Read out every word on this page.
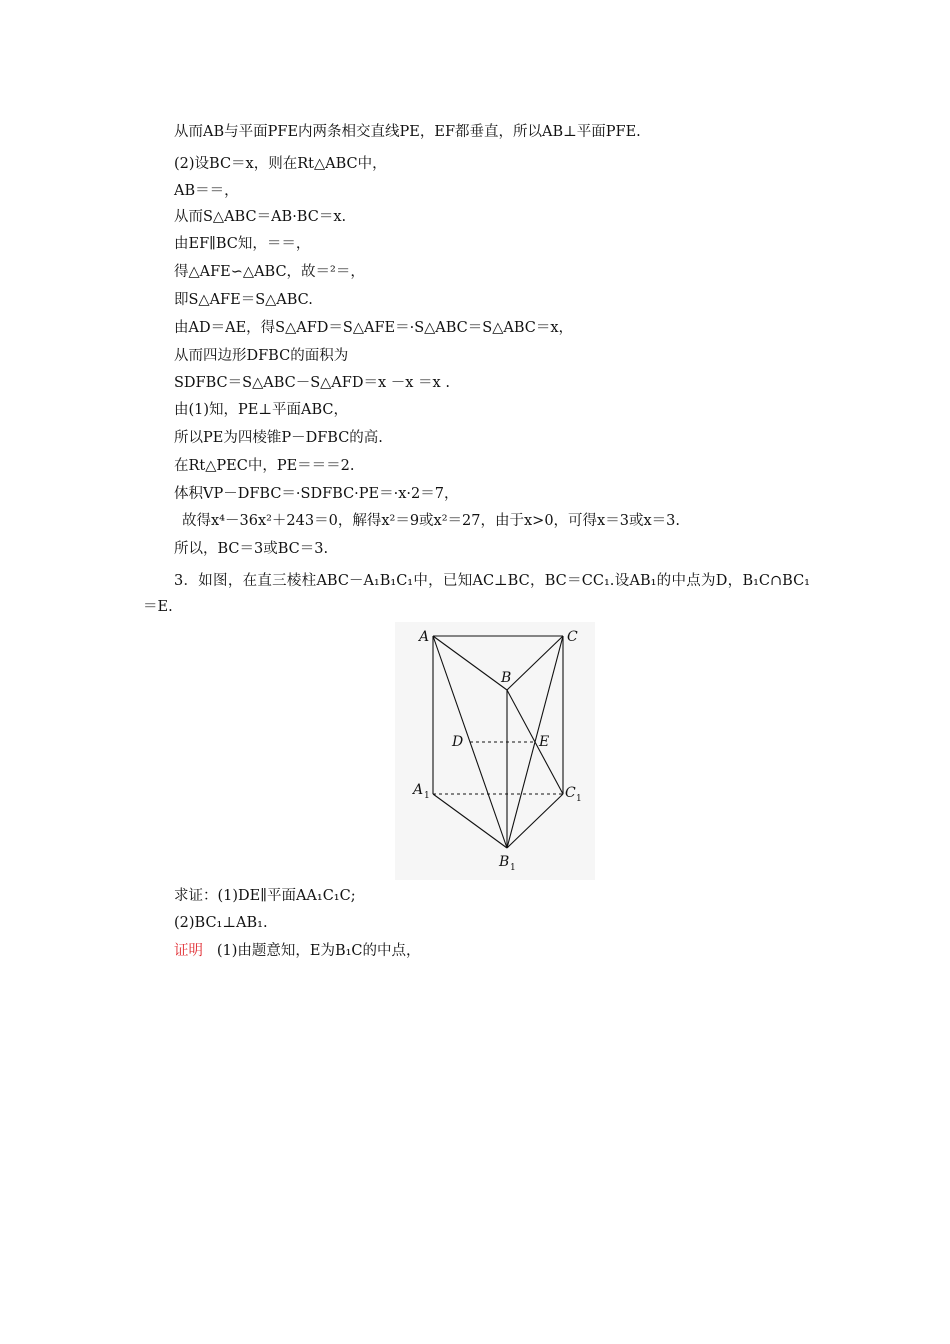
从而AB与平面PFE内两条相交直线PE，EF都垂直，所以AB⊥平面PFE.
(2)设BC＝x，则在Rt△ABC中，
AB＝＝，
从而S△ABC＝AB·BC＝x.
由EF∥BC知，＝＝，
得△AFE∽△ABC，故＝²＝，
即S△AFE＝S△ABC.
由AD＝AE，得S△AFD＝S△AFE＝·S△ABC＝S△ABC＝x，
从而四边形DFBC的面积为
SDFBC＝S△ABC－S△AFD＝x －x ＝x .
由(1)知，PE⊥平面ABC，
所以PE为四棱锥P－DFBC的高.
在Rt△PEC中，PE＝＝＝2.
体积VP－DFBC＝·SDFBC·PE＝·x·2＝7，
故得x⁴－36x²＋243＝0，解得x²＝9或x²＝27，由于x>0，可得x＝3或x＝3.
所以，BC＝3或BC＝3.
3．如图，在直三棱柱ABC－A₁B₁C₁中，已知AC⊥BC，BC＝CC₁.设AB₁的中点为D，B₁C∩BC₁＝E.
A	C
B
D	E
A 1	C 1
B 1
求证：(1)DE∥平面AA₁C₁C;
(2)BC₁⊥AB₁.
证明 (1)由题意知，E为B₁C的中点，
